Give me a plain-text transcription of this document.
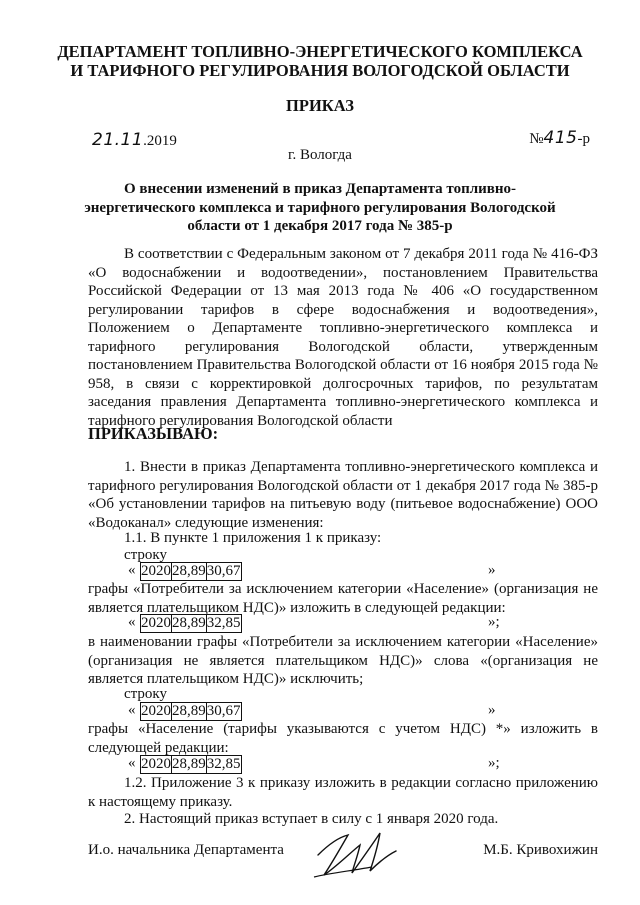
ДЕПАРТАМЕНТ ТОПЛИВНО-ЭНЕРГЕТИЧЕСКОГО КОМПЛЕКСА
И ТАРИФНОГО РЕГУЛИРОВАНИЯ ВОЛОГОДСКОЙ ОБЛАСТИ
ПРИКАЗ
21.11.2019	№415-р
г. Вологда
О внесении изменений в приказ Департамента топливно-
энергетического комплекса и тарифного регулирования Вологодской
области от 1 декабря 2017 года № 385-р

В соответствии с Федеральным законом от 7 декабря 2011 года № 416-ФЗ «О водоснабжении и водоотведении», постановлением Правительства Российской Федерации от 13 мая 2013 года № 406 «О государственном регулировании тарифов в сфере водоснабжения и водоотведения», Положением о Департаменте топливно-энергетического комплекса и тарифного регулирования Вологодской области, утвержденным постановлением Правительства Вологодской области от 16 ноября 2015 года № 958, в связи с корректировкой долгосрочных тарифов, по результатам заседания правления Департамента топливно-энергетического комплекса и тарифного регулирования Вологодской области

ПРИКАЗЫВАЮ:

1. Внести в приказ Департамента топливно-энергетического комплекса и тарифного регулирования Вологодской области от 1 декабря 2017 года № 385-р «Об установлении тарифов на питьевую воду (питьевое водоснабжение) ООО «Водоканал» следующие изменения:

1.1. В пункте 1 приложения 1 к приказу:
строку
« 2020	28,89	30,67	»

графы «Потребители за исключением категории «Население» (организация не является плательщиком НДС)» изложить в следующей редакции:

« 2020	28,89	32,85	»;

в наименовании графы «Потребители за исключением категории «Население» (организация не является плательщиком НДС)» слова «(организация не является плательщиком НДС)» исключить;

строку
« 2020	28,89	30,67	»

графы «Население (тарифы указываются с учетом НДС) *» изложить в следующей редакции:

« 2020	28,89	32,85	»;

1.2. Приложение 3 к приказу изложить в редакции согласно приложению к настоящему приказу.

2. Настоящий приказ вступает в силу с 1 января 2020 года.

И.о. начальника Департамента	М.Б. Кривохижин
